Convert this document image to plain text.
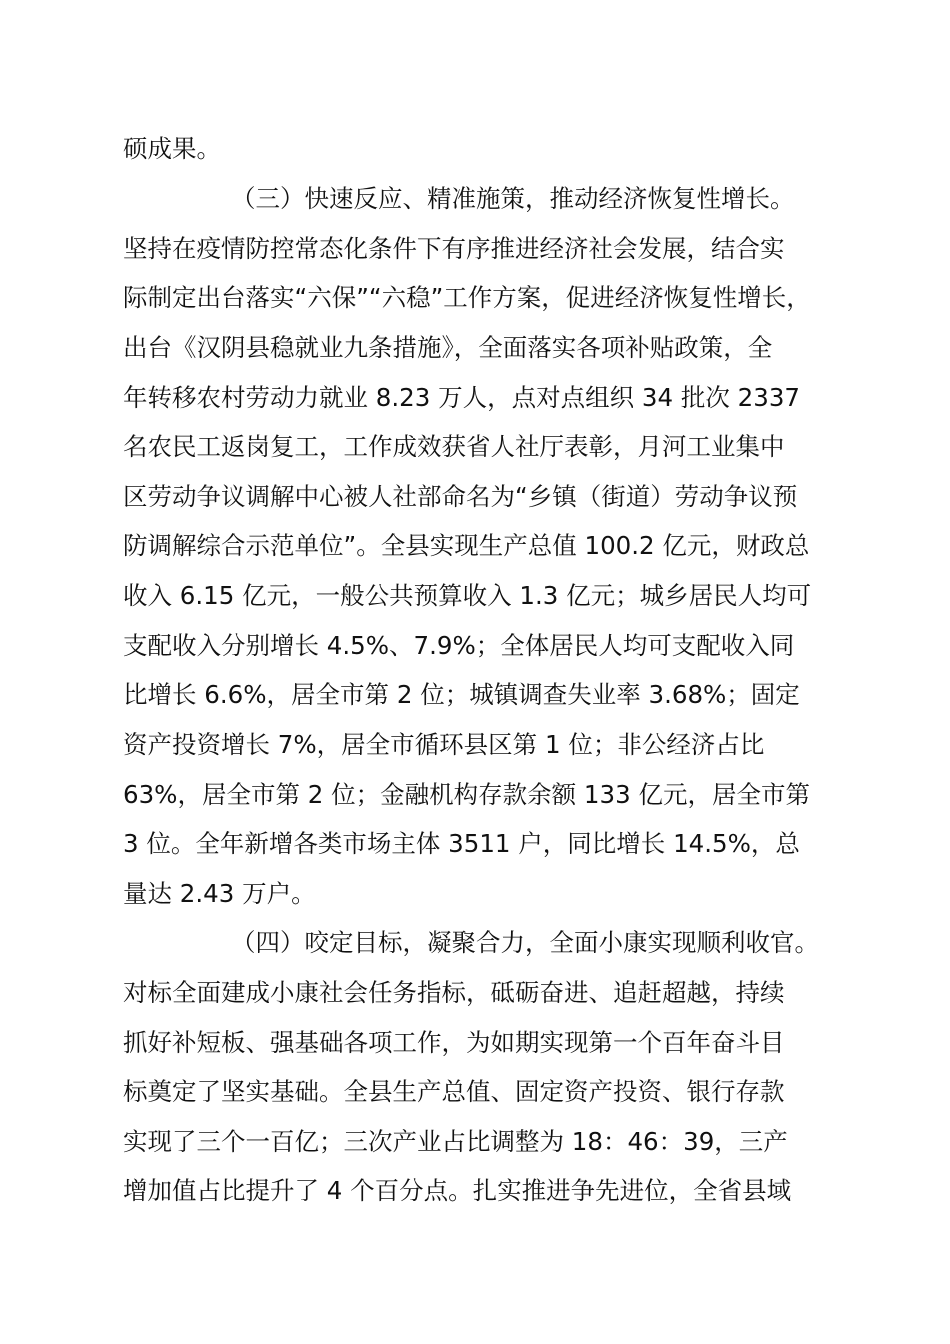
硕成果。
（三）快速反应、精准施策，推动经济恢复性增长。
坚持在疫情防控常态化条件下有序推进经济社会发展，结合实
际制定出台落实“六保”“六稳”工作方案，促进经济恢复性增长，
出台《汉阴县稳就业九条措施》，全面落实各项补贴政策，全
年转移农村劳动力就业 8.23 万人，点对点组织 34 批次 2337
名农民工返岗复工，工作成效获省人社厅表彰，月河工业集中
区劳动争议调解中心被人社部命名为“乡镇（街道）劳动争议预
防调解综合示范单位”。全县实现生产总值 100.2 亿元，财政总
收入 6.15 亿元，一般公共预算收入 1.3 亿元；城乡居民人均可
支配收入分别增长 4.5%、7.9%；全体居民人均可支配收入同
比增长 6.6%，居全市第 2 位；城镇调查失业率 3.68%；固定
资产投资增长 7%，居全市循环县区第 1 位；非公经济占比
63%，居全市第 2 位；金融机构存款余额 133 亿元，居全市第
3 位。全年新增各类市场主体 3511 户，同比增长 14.5%，总
量达 2.43 万户。
（四）咬定目标，凝聚合力，全面小康实现顺利收官。
对标全面建成小康社会任务指标，砥砺奋进、追赶超越，持续
抓好补短板、强基础各项工作，为如期实现第一个百年奋斗目
标奠定了坚实基础。全县生产总值、固定资产投资、银行存款
实现了三个一百亿；三次产业占比调整为 18：46：39，三产
增加值占比提升了 4 个百分点。扎实推进争先进位，全省县域
